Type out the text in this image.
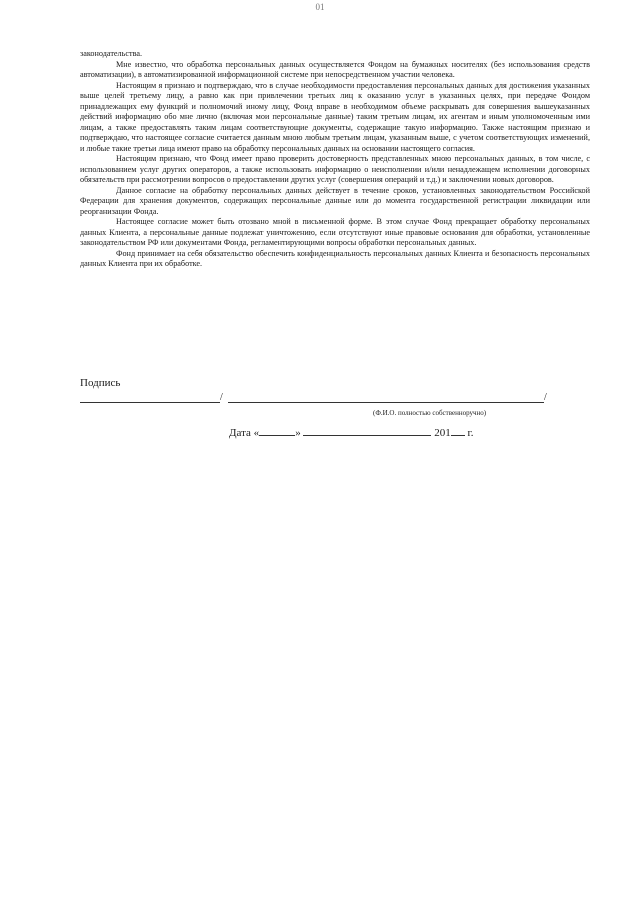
01

законодательства.

Мне известно, что обработка персональных данных осуществляется Фондом на бумажных носителях (без использования средств автоматизации), в автоматизированной информационной системе при непосредственном участии человека.

Настоящим я признаю и подтверждаю, что в случае необходимости предоставления персональных данных для достижения указанных выше целей третьему лицу, а равно как при привлечении третьих лиц к оказанию услуг в указанных целях, при передаче Фондом принадлежащих ему функций и полномочий иному лицу, Фонд вправе в необходимом объеме раскрывать для совершения вышеуказанных действий информацию обо мне лично (включая мои персональные данные) таким третьим лицам, их агентам и иным уполномоченным ими лицам, а также предоставлять таким лицам соответствующие документы, содержащие такую информацию. Также настоящим признаю и подтверждаю, что настоящее согласие считается данным мною любым третьим лицам, указанным выше, с учетом соответствующих изменений, и любые такие третьи лица имеют право на обработку персональных данных на основании настоящего согласия.

Настоящим признаю, что Фонд имеет право проверить достоверность представленных мною персональных данных, в том числе, с использованием услуг других операторов, а также использовать информацию о неисполнении и/или ненадлежащем исполнении договорных обязательств при рассмотрении вопросов о предоставлении других услуг (совершения операций и т.д.) и заключении новых договоров.

Данное согласие на обработку персональных данных действует в течение сроков, установленных законодательством Российской Федерации для хранения документов, содержащих персональные данные или до момента государственной регистрации ликвидации или реорганизации Фонда.

Настоящее согласие может быть отозвано мной в письменной форме. В этом случае Фонд прекращает обработку персональных данных Клиента, а персональные данные подлежат уничтожению, если отсутствуют иные правовые основания для обработки, установленные законодательством РФ или документами Фонда, регламентирующими вопросы обработки персональных данных.

Фонд принимает на себя обязательство обеспечить конфиденциальность персональных данных Клиента и безопасность персональных данных Клиента при их обработке.

Подпись
/	/
(Ф.И.О. полностью собственноручно)
Дата «	»	201 г.
